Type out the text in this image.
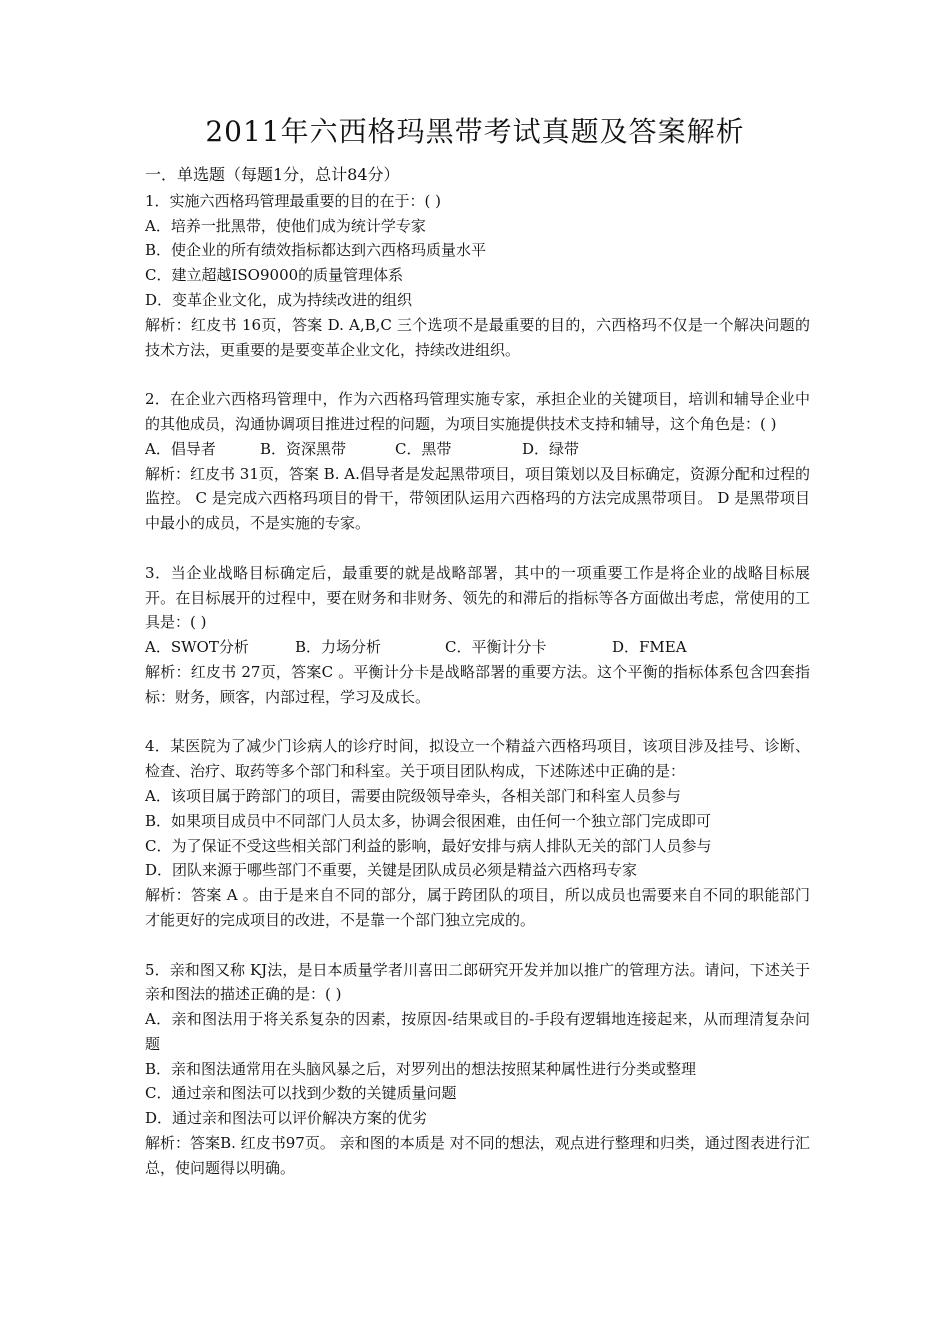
2011年六西格玛黑带考试真题及答案解析
一．单选题（每题1分，总计84分）
1．实施六西格玛管理最重要的目的在于：( )
A．培养一批黑带，使他们成为统计学专家
B．使企业的所有绩效指标都达到六西格玛质量水平
C．建立超越ISO9000的质量管理体系
D．变革企业文化，成为持续改进的组织
解析：红皮书 16页，答案 D. A,B,C 三个选项不是最重要的目的，六西格玛不仅是一个解决问题的技术方法，更重要的是要变革企业文化，持续改进组织。
2．在企业六西格玛管理中，作为六西格玛管理实施专家，承担企业的关键项目，培训和辅导企业中的其他成员，沟通协调项目推进过程的问题，为项目实施提供技术支持和辅导，这个角色是：( )
A．倡导者	B．资深黑带	C．黑带	D．绿带
解析：红皮书 31页，答案 B. A.倡导者是发起黑带项目，项目策划以及目标确定，资源分配和过程的监控。 C 是完成六西格玛项目的骨干，带领团队运用六西格玛的方法完成黑带项目。 D 是黑带项目中最小的成员，不是实施的专家。
3．当企业战略目标确定后，最重要的就是战略部署，其中的一项重要工作是将企业的战略目标展开。在目标展开的过程中，要在财务和非财务、领先的和滞后的指标等各方面做出考虑，常使用的工具是：( )
A．SWOT分析	B．力场分析	C．平衡计分卡	D．FMEA
解析：红皮书 27页，答案C 。平衡计分卡是战略部署的重要方法。这个平衡的指标体系包含四套指标：财务，顾客，内部过程，学习及成长。
4．某医院为了减少门诊病人的诊疗时间，拟设立一个精益六西格玛项目，该项目涉及挂号、诊断、检查、治疗、取药等多个部门和科室。关于项目团队构成，下述陈述中正确的是：
A．该项目属于跨部门的项目，需要由院级领导牵头，各相关部门和科室人员参与
B．如果项目成员中不同部门人员太多，协调会很困难，由任何一个独立部门完成即可
C．为了保证不受这些相关部门利益的影响，最好安排与病人排队无关的部门人员参与
D．团队来源于哪些部门不重要，关键是团队成员必须是精益六西格玛专家
解析：答案 A 。由于是来自不同的部分，属于跨团队的项目，所以成员也需要来自不同的职能部门才能更好的完成项目的改进，不是靠一个部门独立完成的。
5．亲和图又称 KJ法，是日本质量学者川喜田二郎研究开发并加以推广的管理方法。请问，下述关于亲和图法的描述正确的是：( )
A．亲和图法用于将关系复杂的因素，按原因-结果或目的-手段有逻辑地连接起来，从而理清复杂问题
B．亲和图法通常用在头脑风暴之后，对罗列出的想法按照某种属性进行分类或整理
C．通过亲和图法可以找到少数的关键质量问题
D．通过亲和图法可以评价解决方案的优劣
解析：答案B. 红皮书97页。 亲和图的本质是 对不同的想法，观点进行整理和归类，通过图表进行汇总，使问题得以明确。
